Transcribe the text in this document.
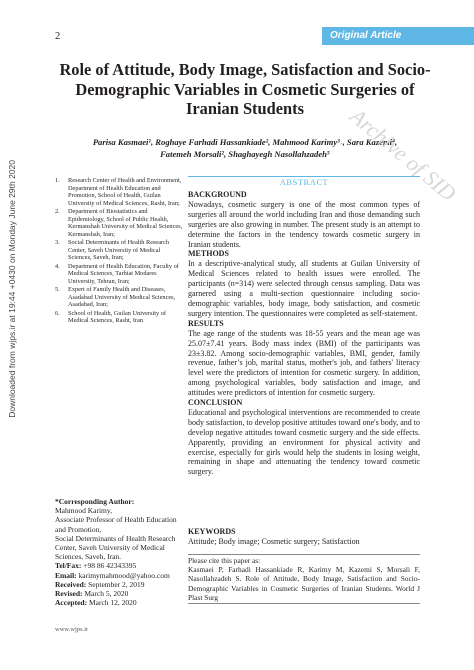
2	Original Article
Downloaded from wjps.ir at 19:44 +0430 on Monday June 29th 2020
Role of Attitude, Body Image, Satisfaction and Socio-Demographic Variables in Cosmetic Surgeries of Iranian Students
Parisa Kasmaei¹, Roghaye Farhadi Hassankiade², Mahmood Karimy³˒, Sara Kazemi⁴,
Fatemeh Morsali², Shaghayegh Nasollahzadeh⁵
1.	Research Center of Health and Environment, Department of Health Education and Promotion, School of Health, Guilan University of Medical Sciences, Rasht, Iran;
2.	Department of Biostatistics and Epidemiology, School of Public Health, Kermanshah University of Medical Sciences, Kermanshah, Iran;
3.	Social Determinants of Health Research Center, Saveh University of Medical Sciences, Saveh, Iran;
4.	Department of Health Education, Faculty of Medical Sciences, Tarbiat Modares University, Tehran, Iran;
5.	Expert of Family Health and Diseases, Asadabad University of Medical Sciences, Asadabad, Iran;
6.	School of Health, Guilan University of Medical Sciences, Rasht, Iran
*Corresponding Author:
Mahmood Karimy,
Associate Professor of Health Education and Promotion,
Social Determinants of Health Research Center, Saveh University of Medical Sciences, Saveh, Iran.
Tel/Fax: +98 86 42343395
Email: karimymahmood@yahoo.com
Received: September 2, 2019
Revised: March 5, 2020
Accepted: March 12, 2020
www.wjps.ir
Archive of SID
ABSTRACT
BACKGROUND

Nowadays, cosmetic surgery is one of the most common types of surgeries all around the world including Iran and those demanding such surgeries are also growing in number. The present study is an attempt to determine the factors in the tendency towards cosmetic surgery in Iranian students.

METHODS

In a descriptive-analytical study, all students at Guilan University of Medical Sciences related to health issues were enrolled. The participants (n=314) were selected through census sampling. Data was garnered using a multi-section questionnaire including socio-demographic variables, body image, body satisfaction, and cosmetic surgery intention. The questionnaires were completed as self-statement.

RESULTS

The age range of the students was 18-55 years and the mean age was 25.07±7.41 years. Body mass index (BMI) of the participants was 23±3.82. Among socio-demographic variables, BMI, gender, family revenue, father’s job, marital status, mother's job, and fathers' literacy level were the predictors of intention for cosmetic surgery. In addition, among psychological variables, body satisfaction and image, and attitudes were predictors of intention for cosmetic surgery.

CONCLUSION

Educational and psychological interventions are recommended to create body satisfaction, to develop positive attitudes toward one's body, and to develop negative attitudes toward cosmetic surgery and the side effects. Apparently, providing an environment for physical activity and exercise, especially for girls would help the students in losing weight, remaining in shape and attenuating the tendency toward cosmetic surgery.

KEYWORDS
Attitude; Body image; Cosmetic surgery; Satisfaction
Please cite this paper as:
Kasmaei P, Farhadi Hassankiade R, Karimy M, Kazemi S, Morsali F, Nasollahzadeh S. Role of Attitude, Body Image, Satisfaction and Socio-Demographic Variables in Cosmetic Surgeries of Iranian Students. World J Plast Surg
